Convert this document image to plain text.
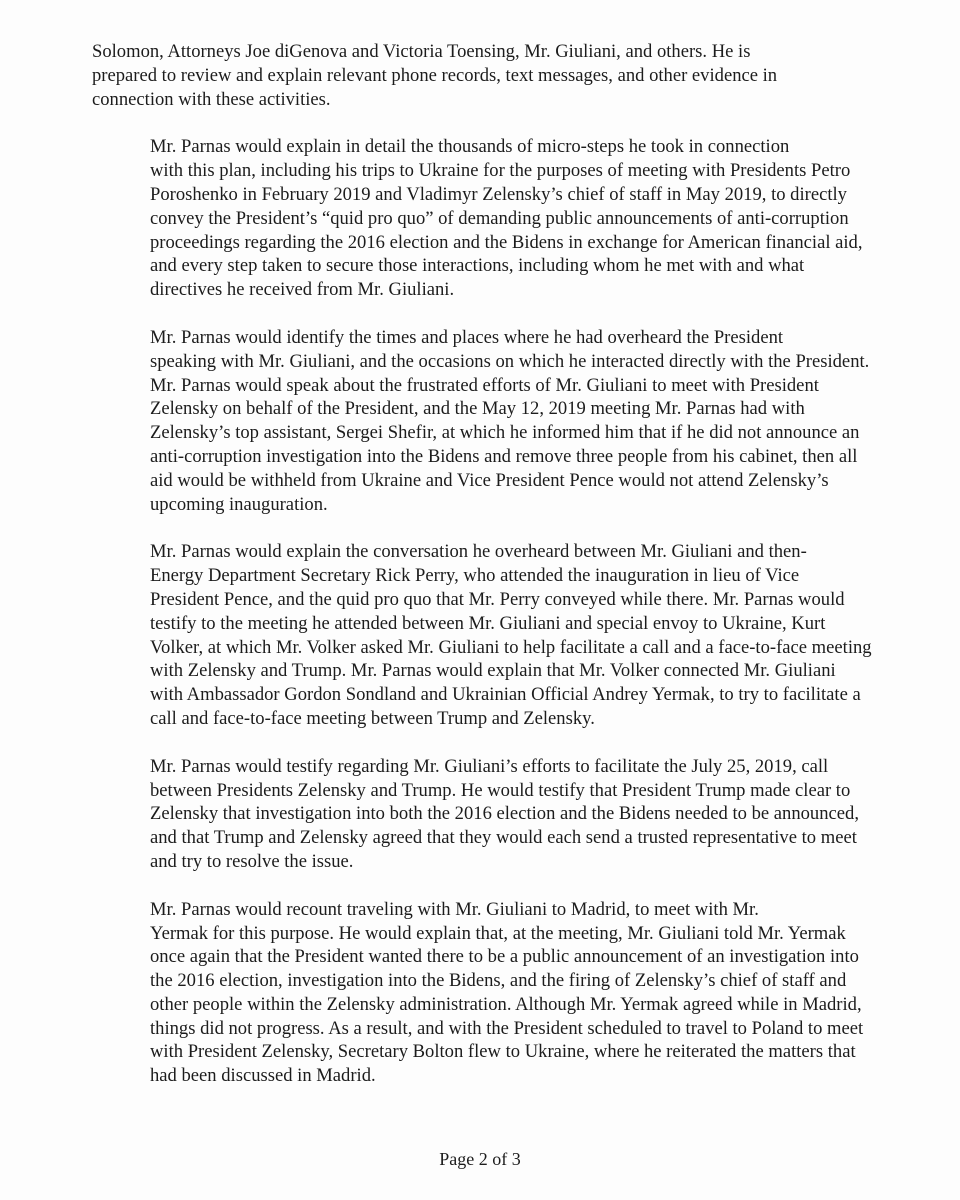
Solomon, Attorneys Joe diGenova and Victoria Toensing, Mr. Giuliani, and others. He is
prepared to review and explain relevant phone records, text messages, and other evidence in
connection with these activities.

Mr. Parnas would explain in detail the thousands of micro-steps he took in connection
with this plan, including his trips to Ukraine for the purposes of meeting with Presidents Petro
Poroshenko in February 2019 and Vladimyr Zelensky’s chief of staff in May 2019, to directly
convey the President’s “quid pro quo” of demanding public announcements of anti-corruption
proceedings regarding the 2016 election and the Bidens in exchange for American financial aid,
and every step taken to secure those interactions, including whom he met with and what
directives he received from Mr. Giuliani.

Mr. Parnas would identify the times and places where he had overheard the President
speaking with Mr. Giuliani, and the occasions on which he interacted directly with the President.
Mr. Parnas would speak about the frustrated efforts of Mr. Giuliani to meet with President
Zelensky on behalf of the President, and the May 12, 2019 meeting Mr. Parnas had with
Zelensky’s top assistant, Sergei Shefir, at which he informed him that if he did not announce an
anti-corruption investigation into the Bidens and remove three people from his cabinet, then all
aid would be withheld from Ukraine and Vice President Pence would not attend Zelensky’s
upcoming inauguration.

Mr. Parnas would explain the conversation he overheard between Mr. Giuliani and then-
Energy Department Secretary Rick Perry, who attended the inauguration in lieu of Vice
President Pence, and the quid pro quo that Mr. Perry conveyed while there. Mr. Parnas would
testify to the meeting he attended between Mr. Giuliani and special envoy to Ukraine, Kurt
Volker, at which Mr. Volker asked Mr. Giuliani to help facilitate a call and a face-to-face meeting
with Zelensky and Trump. Mr. Parnas would explain that Mr. Volker connected Mr. Giuliani
with Ambassador Gordon Sondland and Ukrainian Official Andrey Yermak, to try to facilitate a
call and face-to-face meeting between Trump and Zelensky.

Mr. Parnas would testify regarding Mr. Giuliani’s efforts to facilitate the July 25, 2019, call
between Presidents Zelensky and Trump. He would testify that President Trump made clear to
Zelensky that investigation into both the 2016 election and the Bidens needed to be announced,
and that Trump and Zelensky agreed that they would each send a trusted representative to meet
and try to resolve the issue.

Mr. Parnas would recount traveling with Mr. Giuliani to Madrid, to meet with Mr.
Yermak for this purpose. He would explain that, at the meeting, Mr. Giuliani told Mr. Yermak
once again that the President wanted there to be a public announcement of an investigation into
the 2016 election, investigation into the Bidens, and the firing of Zelensky’s chief of staff and
other people within the Zelensky administration. Although Mr. Yermak agreed while in Madrid,
things did not progress. As a result, and with the President scheduled to travel to Poland to meet
with President Zelensky, Secretary Bolton flew to Ukraine, where he reiterated the matters that
had been discussed in Madrid.

Page 2 of 3
